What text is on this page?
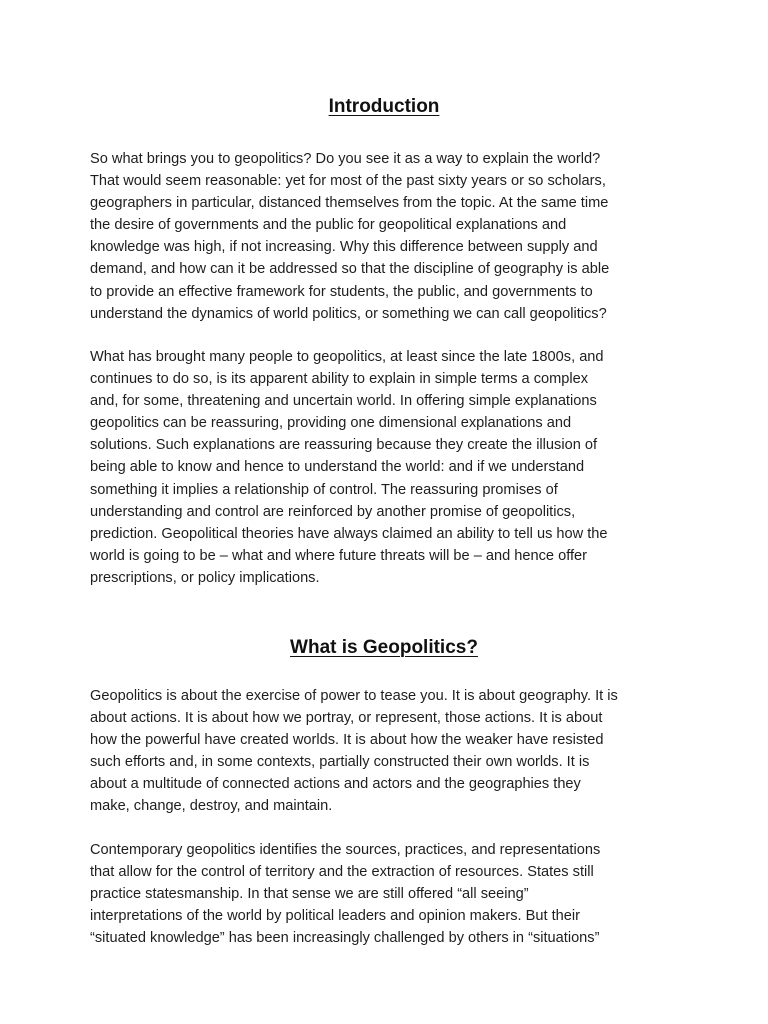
Introduction

So what brings you to geopolitics? Do you see it as a way to explain the world?
That would seem reasonable: yet for most of the past sixty years or so scholars,
geographers in particular, distanced themselves from the topic. At the same time
the desire of governments and the public for geopolitical explanations and
knowledge was high, if not increasing. Why this difference between supply and
demand, and how can it be addressed so that the discipline of geography is able
to provide an effective framework for students, the public, and governments to
understand the dynamics of world politics, or something we can call geopolitics?

What has brought many people to geopolitics, at least since the late 1800s, and
continues to do so, is its apparent ability to explain in simple terms a complex
and, for some, threatening and uncertain world. In offering simple explanations
geopolitics can be reassuring, providing one dimensional explanations and
solutions. Such explanations are reassuring because they create the illusion of
being able to know and hence to understand the world: and if we understand
something it implies a relationship of control. The reassuring promises of
understanding and control are reinforced by another promise of geopolitics,
prediction. Geopolitical theories have always claimed an ability to tell us how the
world is going to be – what and where future threats will be – and hence offer
prescriptions, or policy implications.

What is Geopolitics?

Geopolitics is about the exercise of power to tease you. It is about geography. It is
about actions. It is about how we portray, or represent, those actions. It is about
how the powerful have created worlds. It is about how the weaker have resisted
such efforts and, in some contexts, partially constructed their own worlds. It is
about a multitude of connected actions and actors and the geographies they
make, change, destroy, and maintain.

Contemporary geopolitics identifies the sources, practices, and representations
that allow for the control of territory and the extraction of resources. States still
practice statesmanship. In that sense we are still offered “all seeing”
interpretations of the world by political leaders and opinion makers. But their
“situated knowledge” has been increasingly challenged by others in “situations”
